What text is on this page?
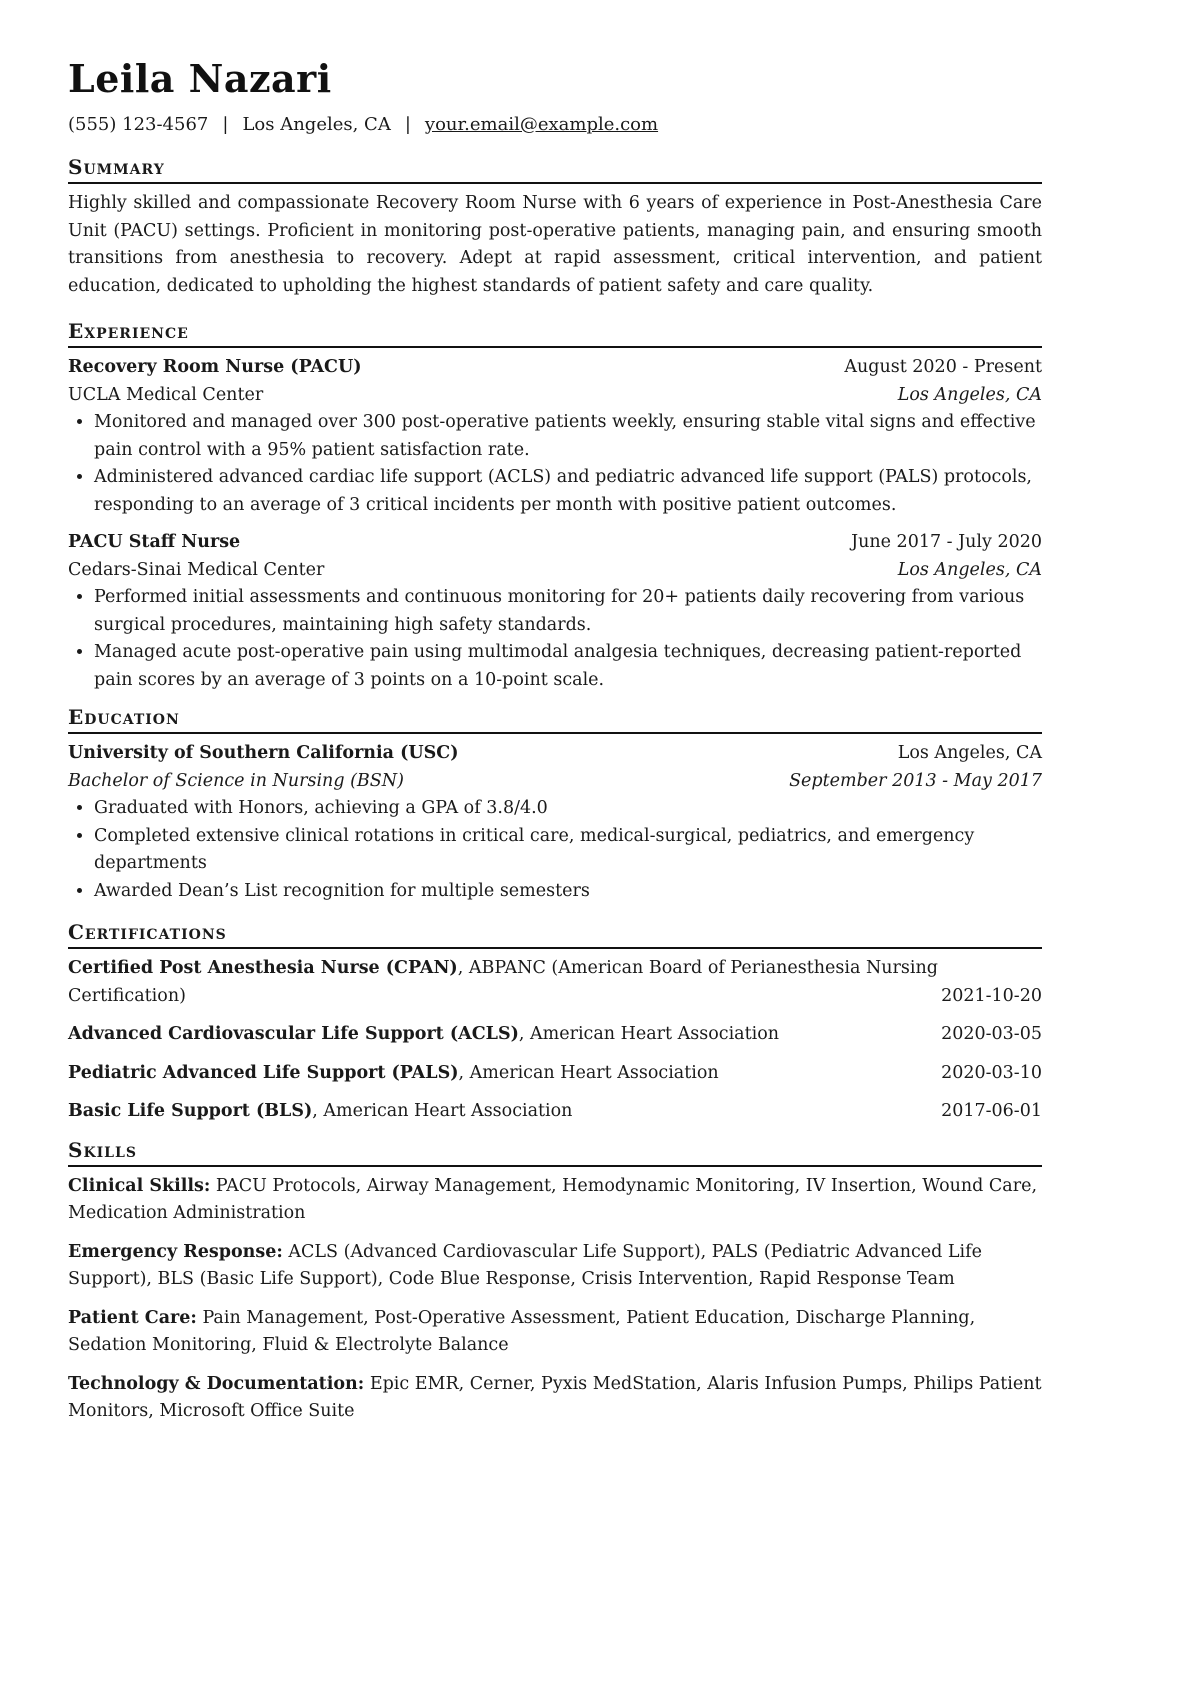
Leila Nazari
(555) 123-4567 | Los Angeles, CA | your.email@example.com
Summary
Highly skilled and compassionate Recovery Room Nurse with 6 years of experience in Post-Anesthesia Care Unit (PACU) settings. Proficient in monitoring post-operative patients, managing pain, and ensuring smooth transitions from anesthesia to recovery. Adept at rapid assessment, critical intervention, and patient education, dedicated to upholding the highest standards of patient safety and care quality.
Experience
Recovery Room Nurse (PACU)	August 2020 - Present
UCLA Medical Center	Los Angeles, CA
• Monitored and managed over 300 post-operative patients weekly, ensuring stable vital signs and effective pain control with a 95% patient satisfaction rate.
• Administered advanced cardiac life support (ACLS) and pediatric advanced life support (PALS) protocols, responding to an average of 3 critical incidents per month with positive patient outcomes.
PACU Staff Nurse	June 2017 - July 2020
Cedars-Sinai Medical Center	Los Angeles, CA
• Performed initial assessments and continuous monitoring for 20+ patients daily recovering from various surgical procedures, maintaining high safety standards.
• Managed acute post-operative pain using multimodal analgesia techniques, decreasing patient-reported pain scores by an average of 3 points on a 10-point scale.
Education
University of Southern California (USC)	Los Angeles, CA
Bachelor of Science in Nursing (BSN)	September 2013 - May 2017
• Graduated with Honors, achieving a GPA of 3.8/4.0
• Completed extensive clinical rotations in critical care, medical-surgical, pediatrics, and emergency departments
• Awarded Dean’s List recognition for multiple semesters
Certifications
Certified Post Anesthesia Nurse (CPAN), ABPANC (American Board of Perianesthesia Nursing Certification)	2021-10-20
Advanced Cardiovascular Life Support (ACLS), American Heart Association	2020-03-05
Pediatric Advanced Life Support (PALS), American Heart Association	2020-03-10
Basic Life Support (BLS), American Heart Association	2017-06-01
Skills
Clinical Skills: PACU Protocols, Airway Management, Hemodynamic Monitoring, IV Insertion, Wound Care, Medication Administration
Emergency Response: ACLS (Advanced Cardiovascular Life Support), PALS (Pediatric Advanced Life Support), BLS (Basic Life Support), Code Blue Response, Crisis Intervention, Rapid Response Team
Patient Care: Pain Management, Post-Operative Assessment, Patient Education, Discharge Planning, Sedation Monitoring, Fluid & Electrolyte Balance
Technology & Documentation: Epic EMR, Cerner, Pyxis MedStation, Alaris Infusion Pumps, Philips Patient Monitors, Microsoft Office Suite
